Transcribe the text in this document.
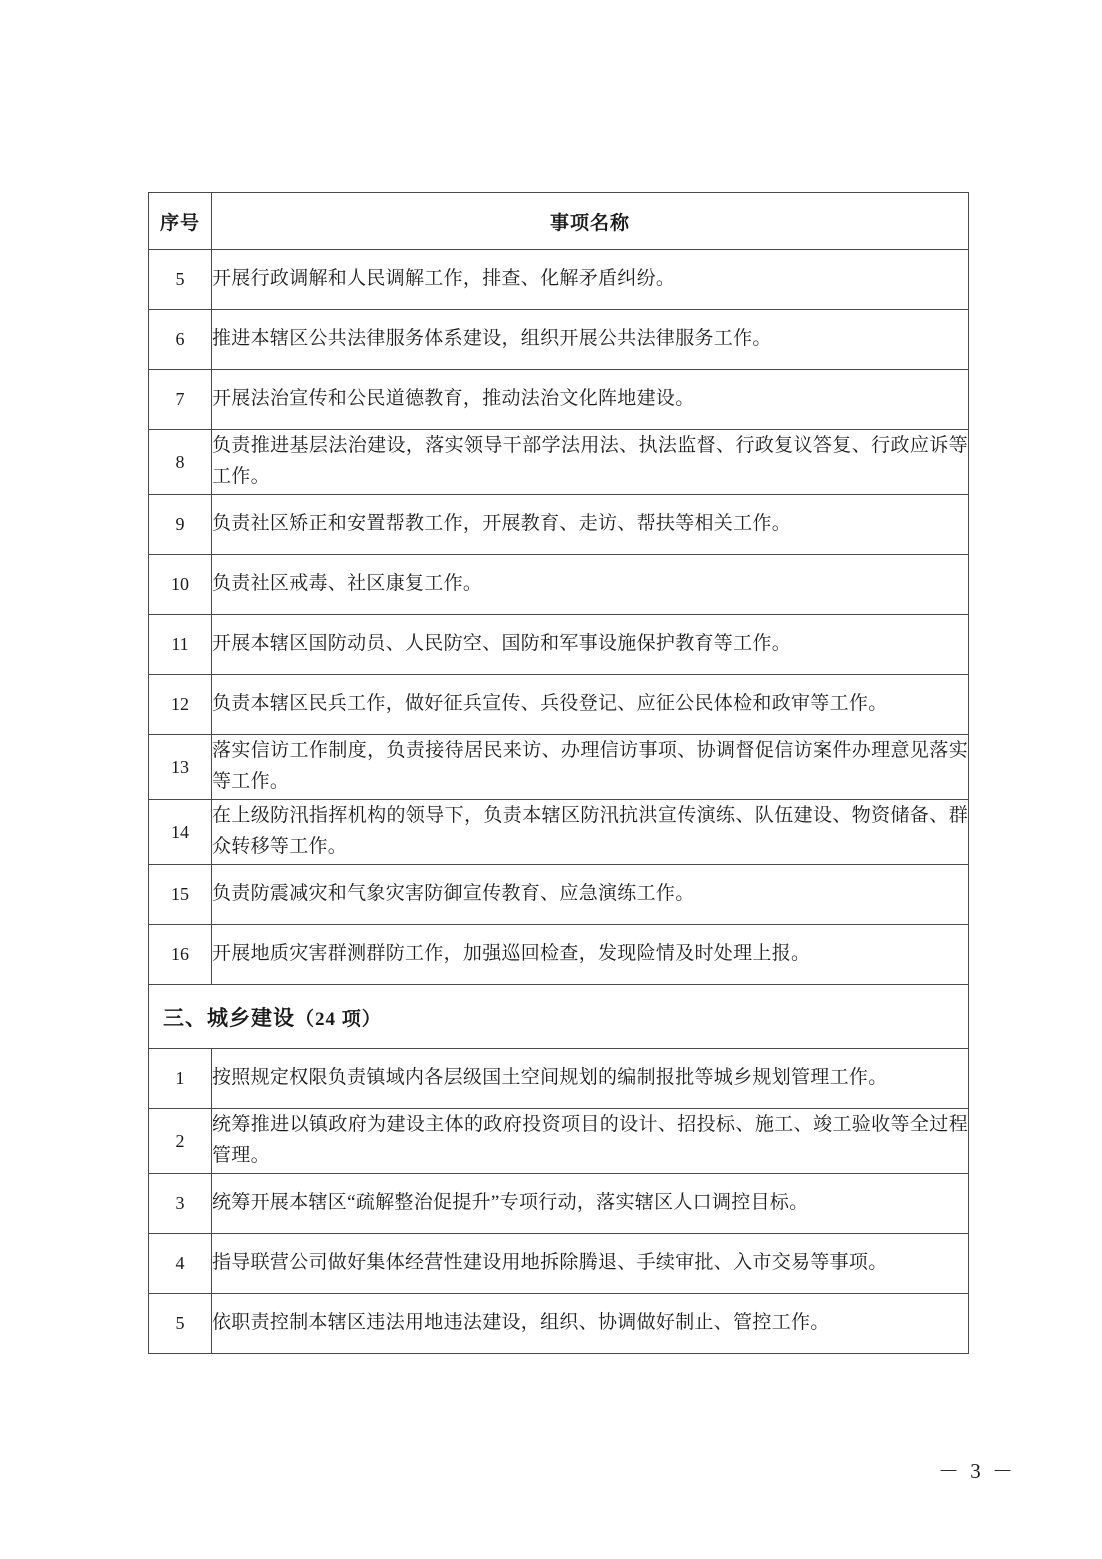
序号	事项名称
5	开展行政调解和人民调解工作，排查、化解矛盾纠纷。
6	推进本辖区公共法律服务体系建设，组织开展公共法律服务工作。
7	开展法治宣传和公民道德教育，推动法治文化阵地建设。
8	负责推进基层法治建设，落实领导干部学法用法、执法监督、行政复议答复、行政应诉等工作。
9	负责社区矫正和安置帮教工作，开展教育、走访、帮扶等相关工作。
10	负责社区戒毒、社区康复工作。
11	开展本辖区国防动员、人民防空、国防和军事设施保护教育等工作。
12	负责本辖区民兵工作，做好征兵宣传、兵役登记、应征公民体检和政审等工作。
13	落实信访工作制度，负责接待居民来访、办理信访事项、协调督促信访案件办理意见落实等工作。
14	在上级防汛指挥机构的领导下，负责本辖区防汛抗洪宣传演练、队伍建设、物资储备、群众转移等工作。
15	负责防震减灾和气象灾害防御宣传教育、应急演练工作。
16	开展地质灾害群测群防工作，加强巡回检查，发现险情及时处理上报。
三、城乡建设（24 项）	
1	按照规定权限负责镇域内各层级国土空间规划的编制报批等城乡规划管理工作。
2	统筹推进以镇政府为建设主体的政府投资项目的设计、招投标、施工、竣工验收等全过程管理。
3	统筹开展本辖区“疏解整治促提升”专项行动，落实辖区人口调控目标。
4	指导联营公司做好集体经营性建设用地拆除腾退、手续审批、入市交易等事项。
5	依职责控制本辖区违法用地违法建设，组织、协调做好制止、管控工作。
－ 3 －
